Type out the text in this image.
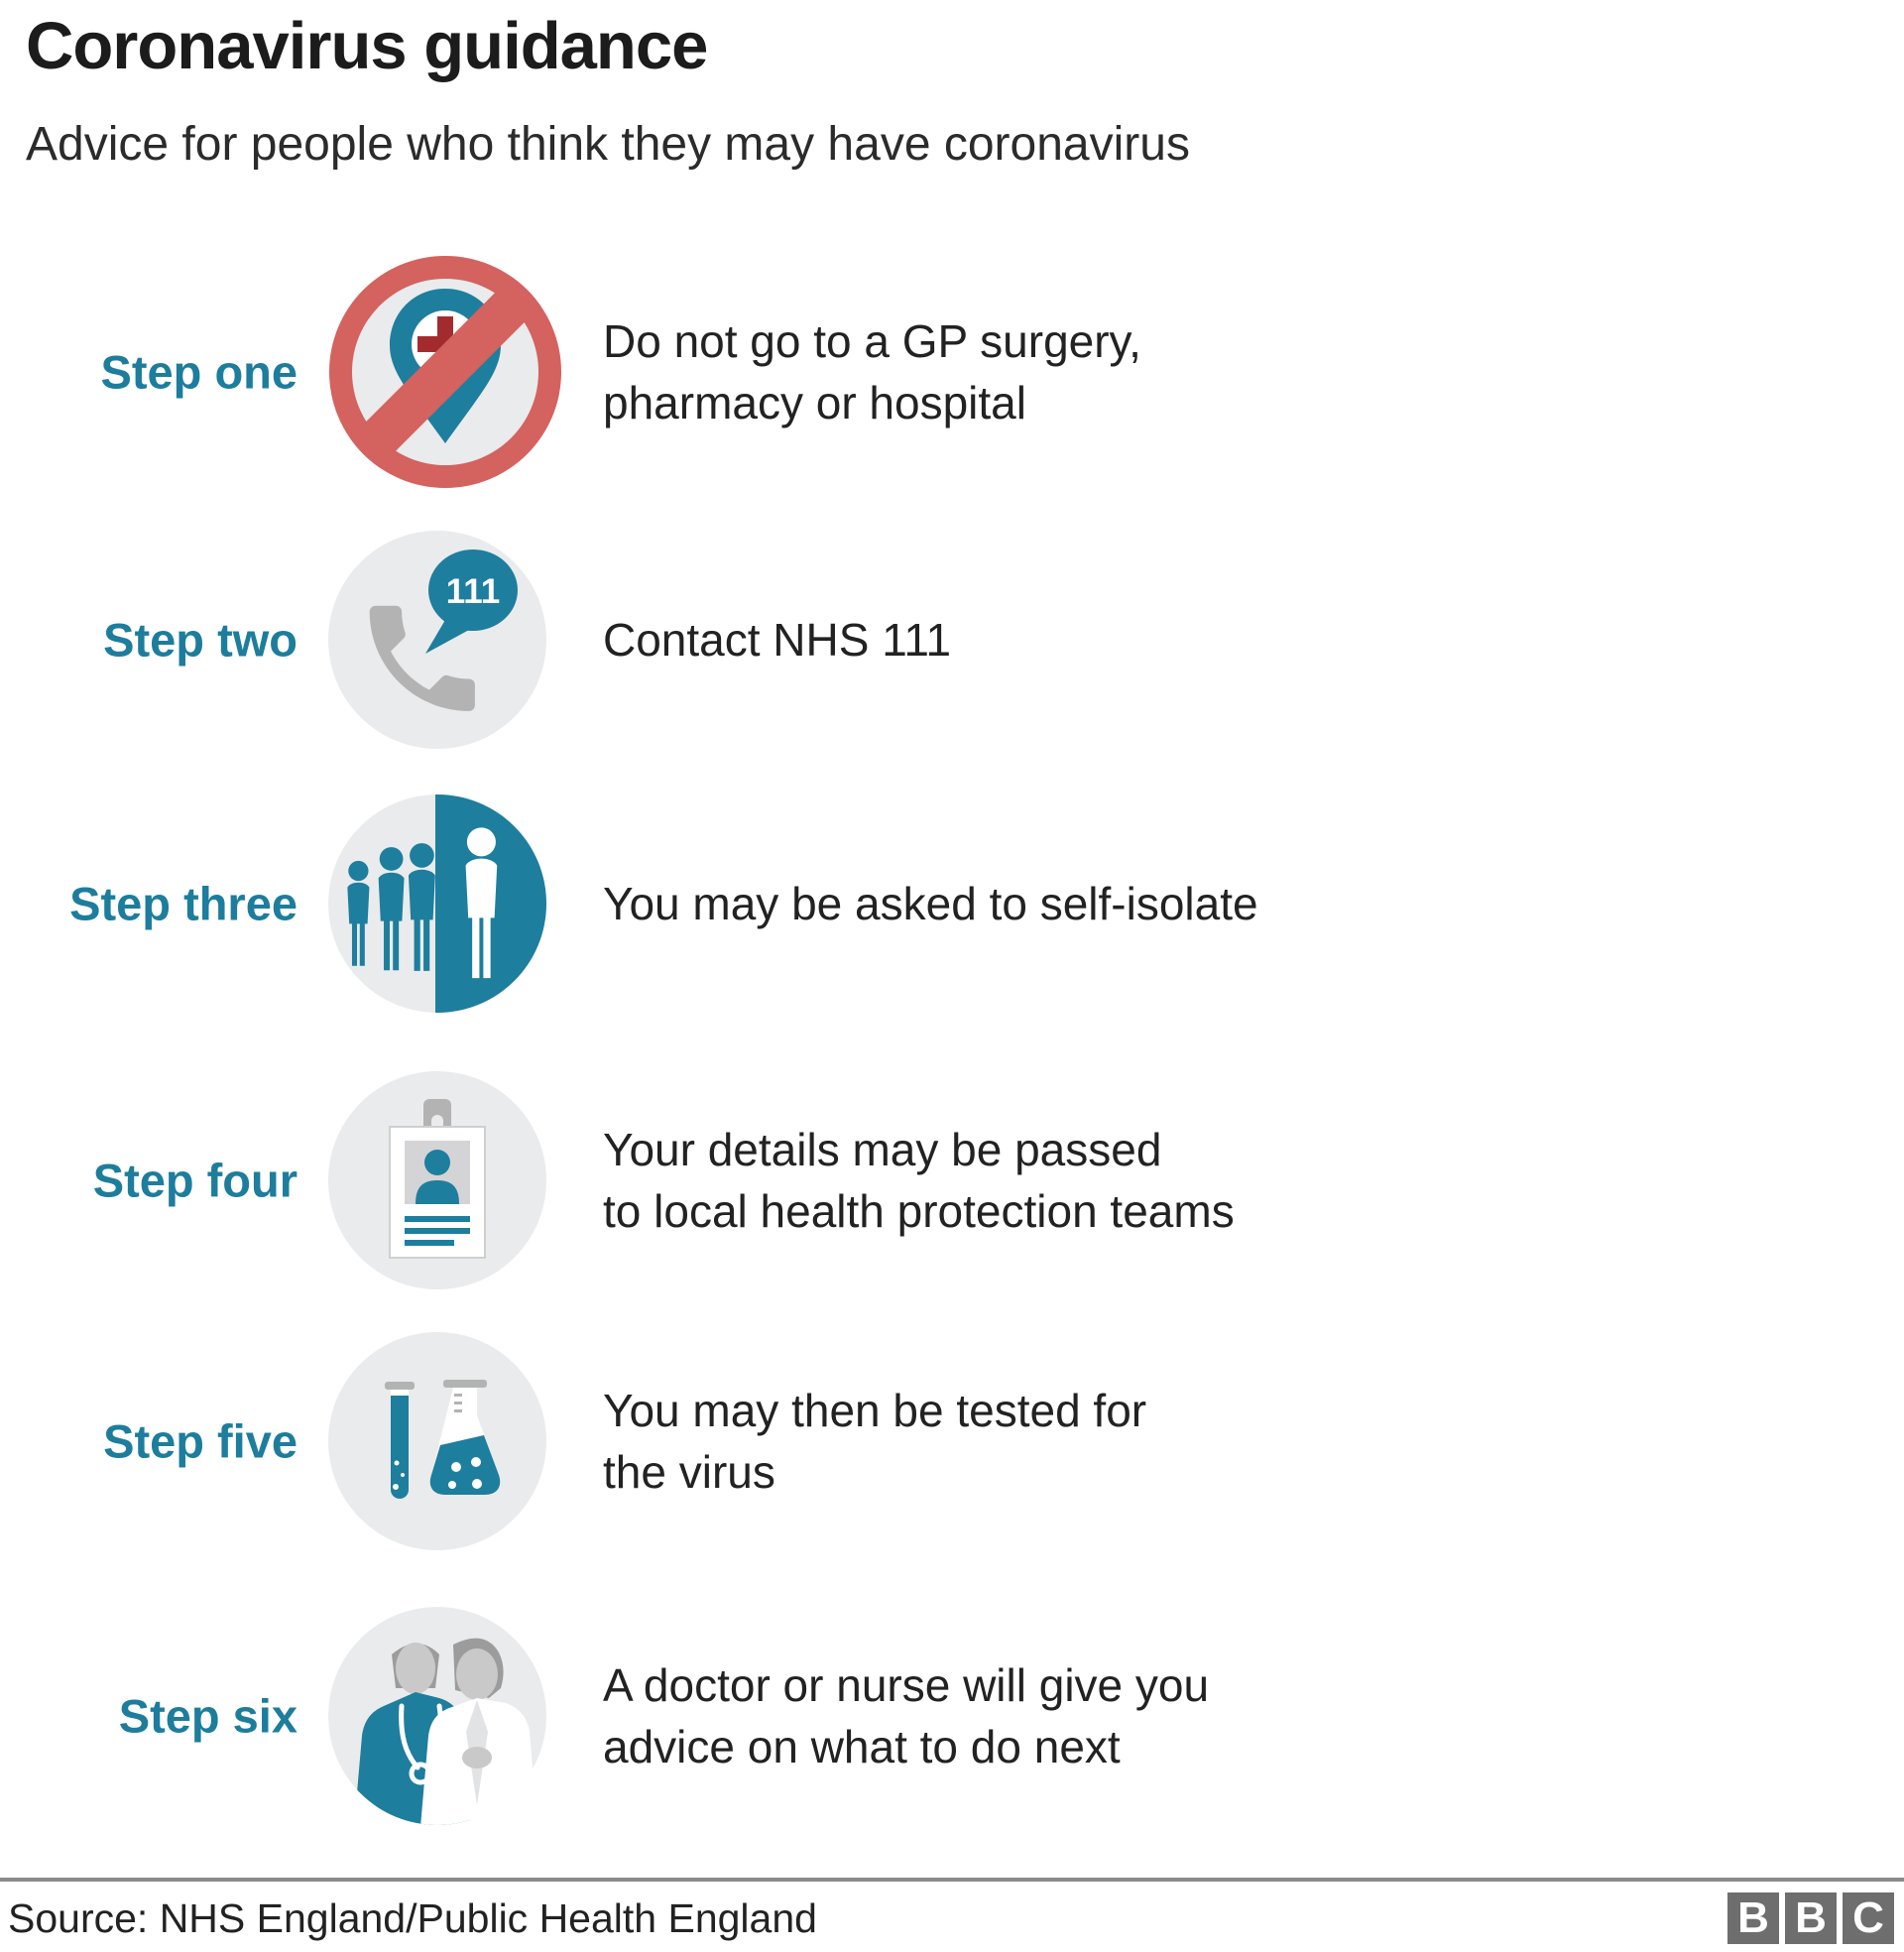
Coronavirus guidance
Advice for people who think they may have coronavirus
Step one
Do not go to a GP surgery,
pharmacy or hospital
Step two
111
Contact NHS 111
Step three	You may be asked to self-isolate
Step four
Your details may be passed
to local health protection teams
Step five
You may then be tested for
the virus
Step six
A doctor or nurse will give you
advice on what to do next
Source: NHS England/Public Health England	B B C
